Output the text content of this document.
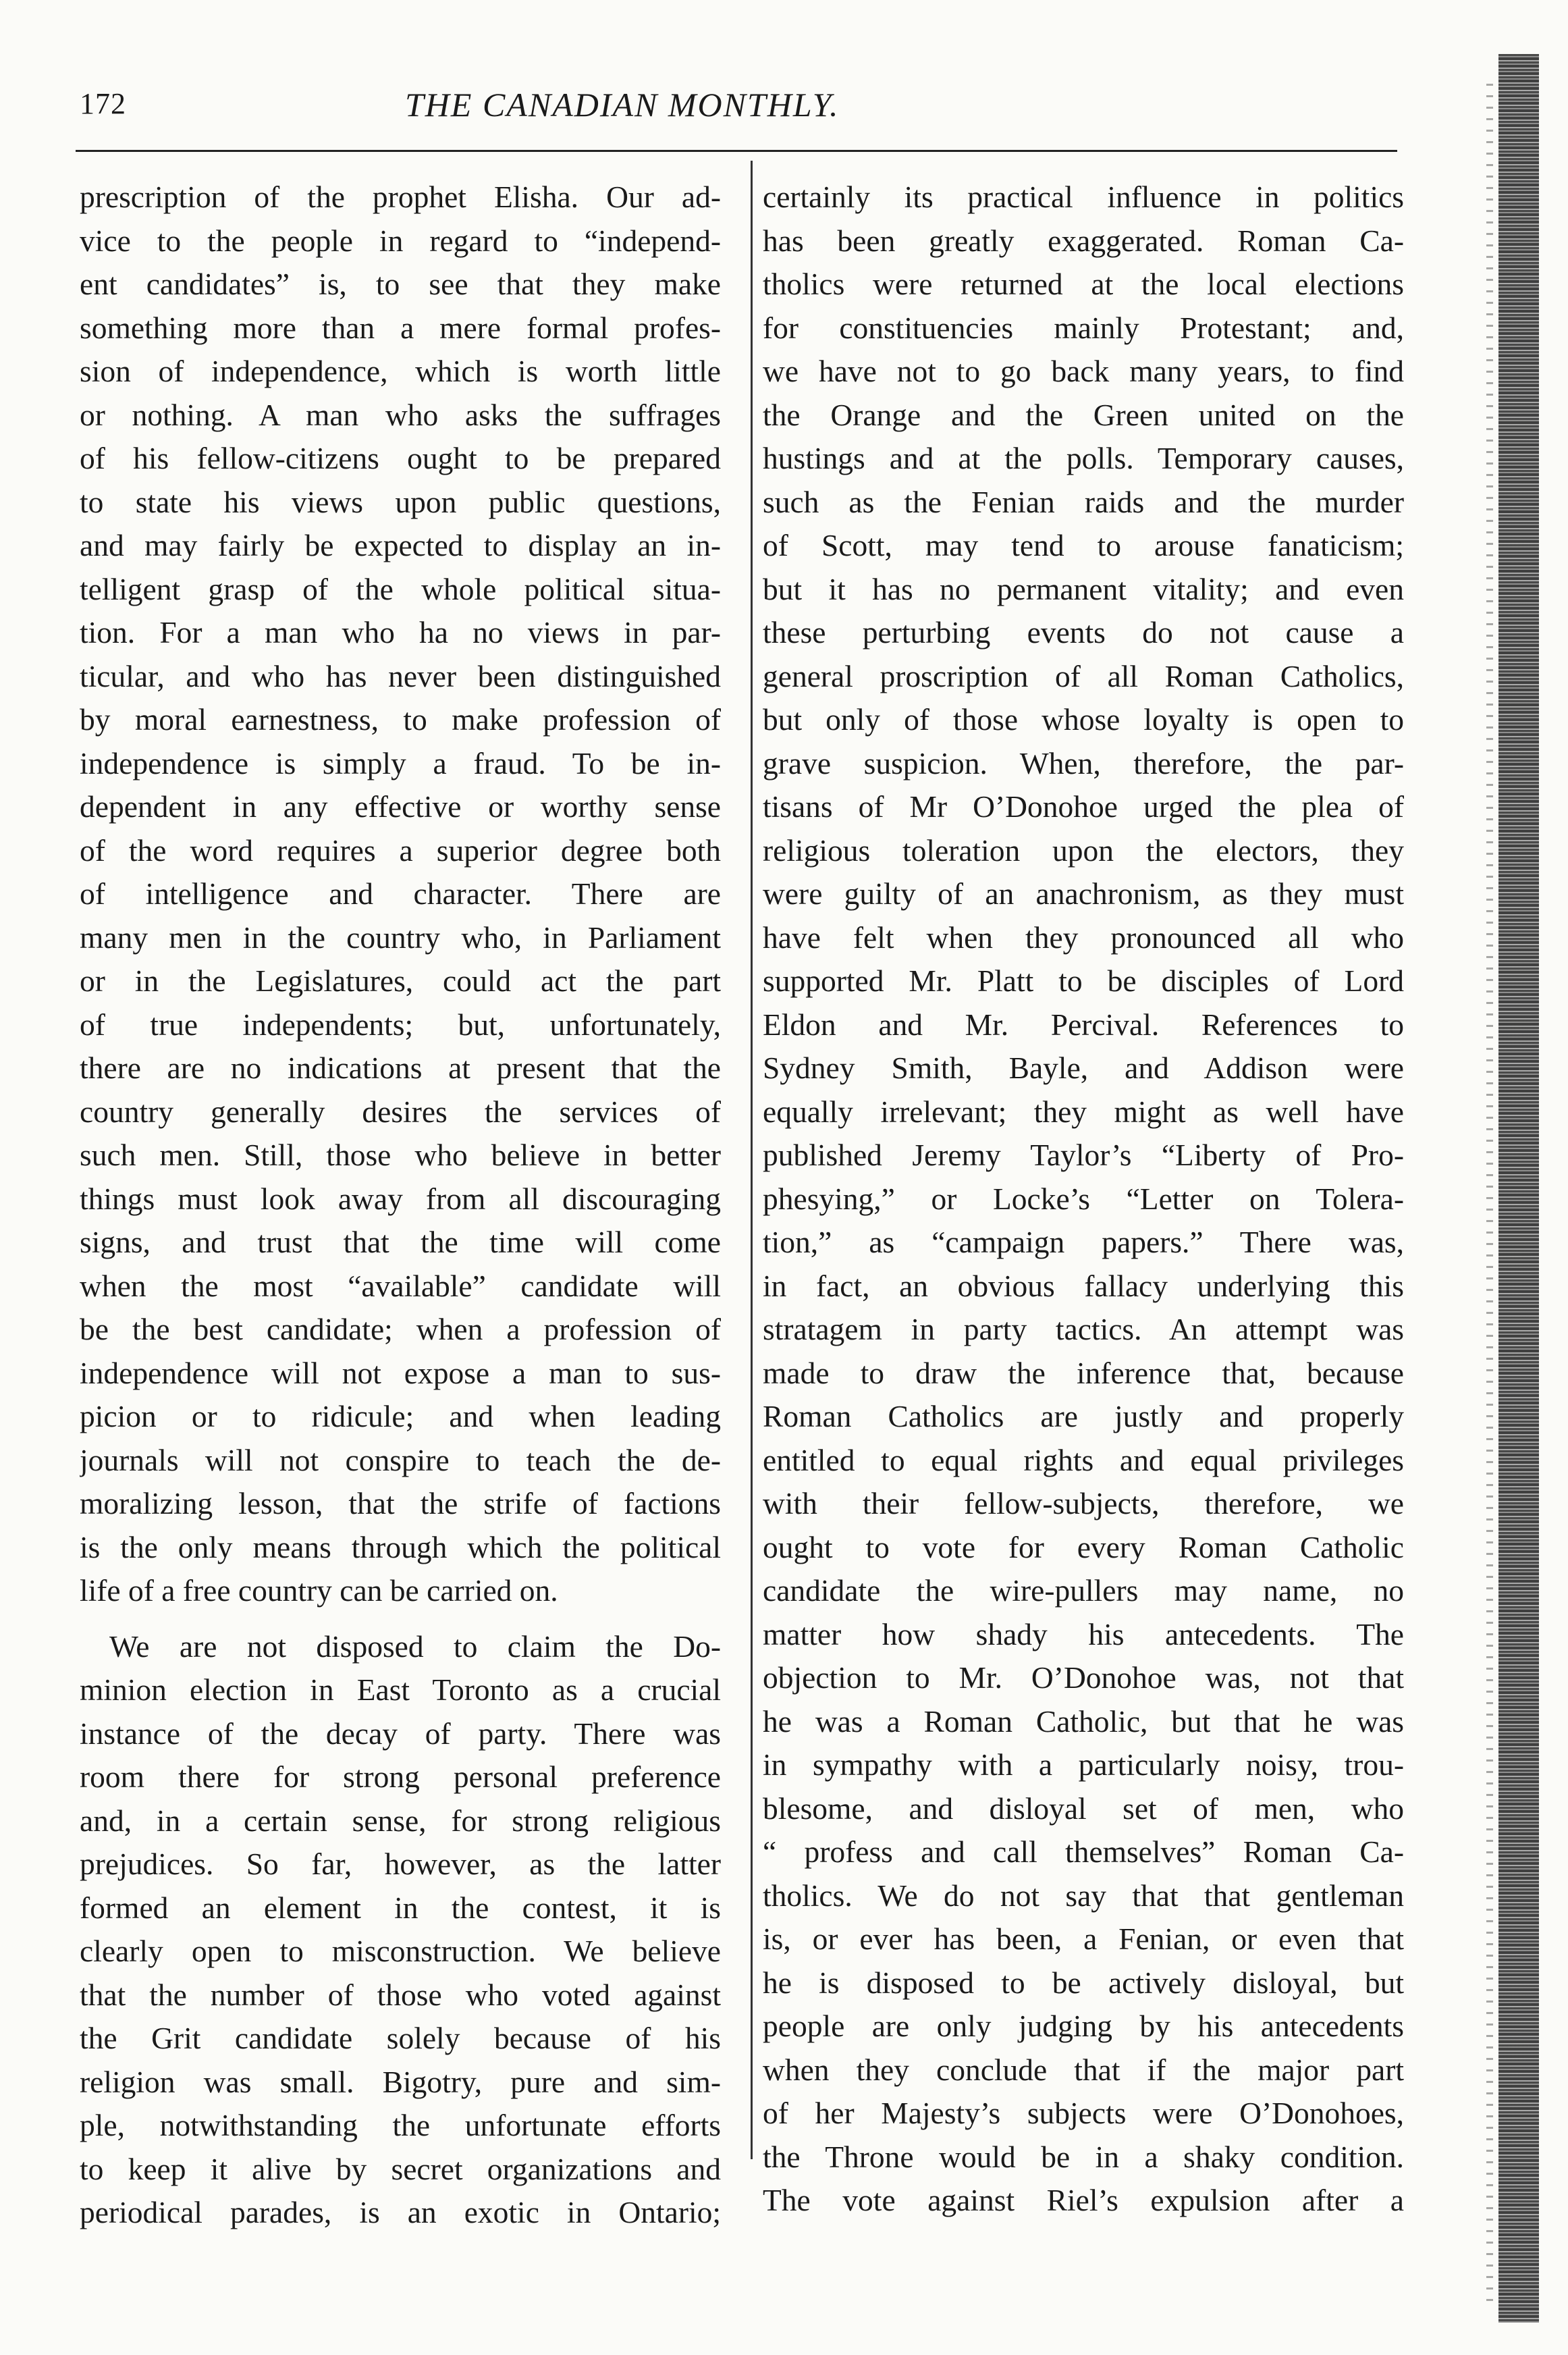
172	THE CANADIAN MONTHLY.
prescription of the prophet Elisha. Our ad-
vice to the people in regard to “independ-
ent candidates” is, to see that they make
something more than a mere formal profes-
sion of independence, which is worth little
or nothing. A man who asks the suffrages
of his fellow-citizens ought to be prepared
to state his views upon public questions,
and may fairly be expected to display an in-
telligent grasp of the whole political situa-
tion. For a man who ha no views in par-
ticular, and who has never been distinguished
by moral earnestness, to make profession of
independence is simply a fraud. To be in-
dependent in any effective or worthy sense
of the word requires a superior degree both
of intelligence and character. There are
many men in the country who, in Parliament
or in the Legislatures, could act the part
of true independents; but, unfortunately,
there are no indications at present that the
country generally desires the services of
such men. Still, those who believe in better
things must look away from all discouraging
signs, and trust that the time will come
when the most “available” candidate will
be the best candidate; when a profession of
independence will not expose a man to sus-
picion or to ridicule; and when leading
journals will not conspire to teach the de-
moralizing lesson, that the strife of factions
is the only means through which the political
life of a free country can be carried on.
We are not disposed to claim the Do-
minion election in East Toronto as a crucial
instance of the decay of party. There was
room there for strong personal preference
and, in a certain sense, for strong religious
prejudices. So far, however, as the latter
formed an element in the contest, it is
clearly open to misconstruction. We believe
that the number of those who voted against
the Grit candidate solely because of his
religion was small. Bigotry, pure and sim-
ple, notwithstanding the unfortunate efforts
to keep it alive by secret organizations and
periodical parades, is an exotic in Ontario;
certainly its practical influence in politics
has been greatly exaggerated. Roman Ca-
tholics were returned at the local elections
for constituencies mainly Protestant; and,
we have not to go back many years, to find
the Orange and the Green united on the
hustings and at the polls. Temporary causes,
such as the Fenian raids and the murder
of Scott, may tend to arouse fanaticism;
but it has no permanent vitality; and even
these perturbing events do not cause a
general proscription of all Roman Catholics,
but only of those whose loyalty is open to
grave suspicion. When, therefore, the par-
tisans of Mr O’Donohoe urged the plea of
religious toleration upon the electors, they
were guilty of an anachronism, as they must
have felt when they pronounced all who
supported Mr. Platt to be disciples of Lord
Eldon and Mr. Percival. References to
Sydney Smith, Bayle, and Addison were
equally irrelevant; they might as well have
published Jeremy Taylor’s “Liberty of Pro-
phesying,” or Locke’s “Letter on Tolera-
tion,” as “campaign papers.” There was,
in fact, an obvious fallacy underlying this
stratagem in party tactics. An attempt was
made to draw the inference that, because
Roman Catholics are justly and properly
entitled to equal rights and equal privileges
with their fellow-subjects, therefore, we
ought to vote for every Roman Catholic
candidate the wire-pullers may name, no
matter how shady his antecedents. The
objection to Mr. O’Donohoe was, not that
he was a Roman Catholic, but that he was
in sympathy with a particularly noisy, trou-
blesome, and disloyal set of men, who
“ profess and call themselves” Roman Ca-
tholics. We do not say that that gentleman
is, or ever has been, a Fenian, or even that
he is disposed to be actively disloyal, but
people are only judging by his antecedents
when they conclude that if the major part
of her Majesty’s subjects were O’Donohoes,
the Throne would be in a shaky condition.
The vote against Riel’s expulsion after a
